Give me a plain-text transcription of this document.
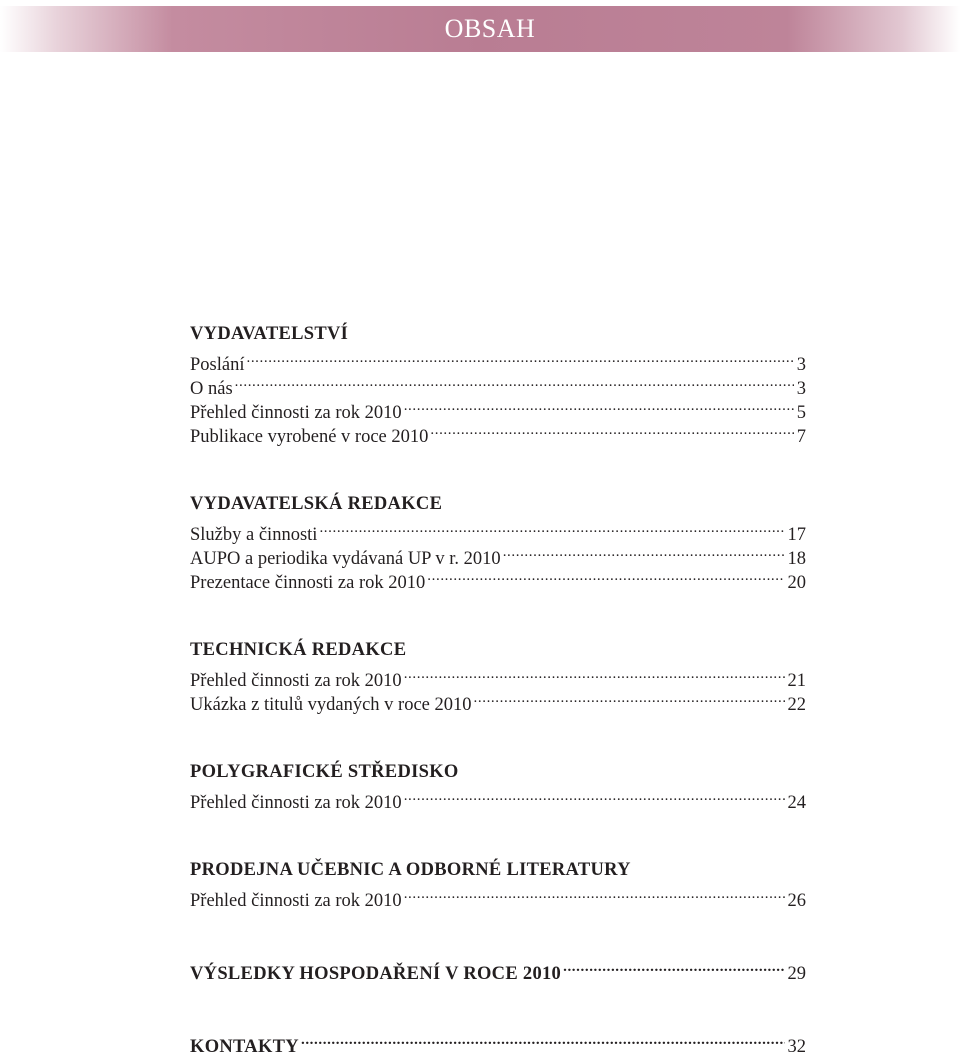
OBSAH
VYDAVATELSTVÍ
Poslání .....	3
O nás .....	3
Přehled činnosti za rok 2010 .....	5
Publikace vyrobené v roce 2010 .....	7
VYDAVATELSKÁ REDAKCE
Služby a činnosti .....	17
AUPO a periodika vydávaná UP v r. 2010 .....	18
Prezentace činnosti za rok 2010 .....	20
TECHNICKÁ REDAKCE
Přehled činnosti za rok 2010 .....	21
Ukázka z titulů vydaných v roce 2010 .....	22
POLYGRAFICKÉ STŘEDISKO
Přehled činnosti za rok 2010 .....	24
PRODEJNA UČEBNIC A ODBORNÉ LITERATURY
Přehled činnosti za rok 2010 .....	26
VÝSLEDKY HOSPODAŘENÍ V ROCE 2010 .....	29
KONTAKTY .....	32
